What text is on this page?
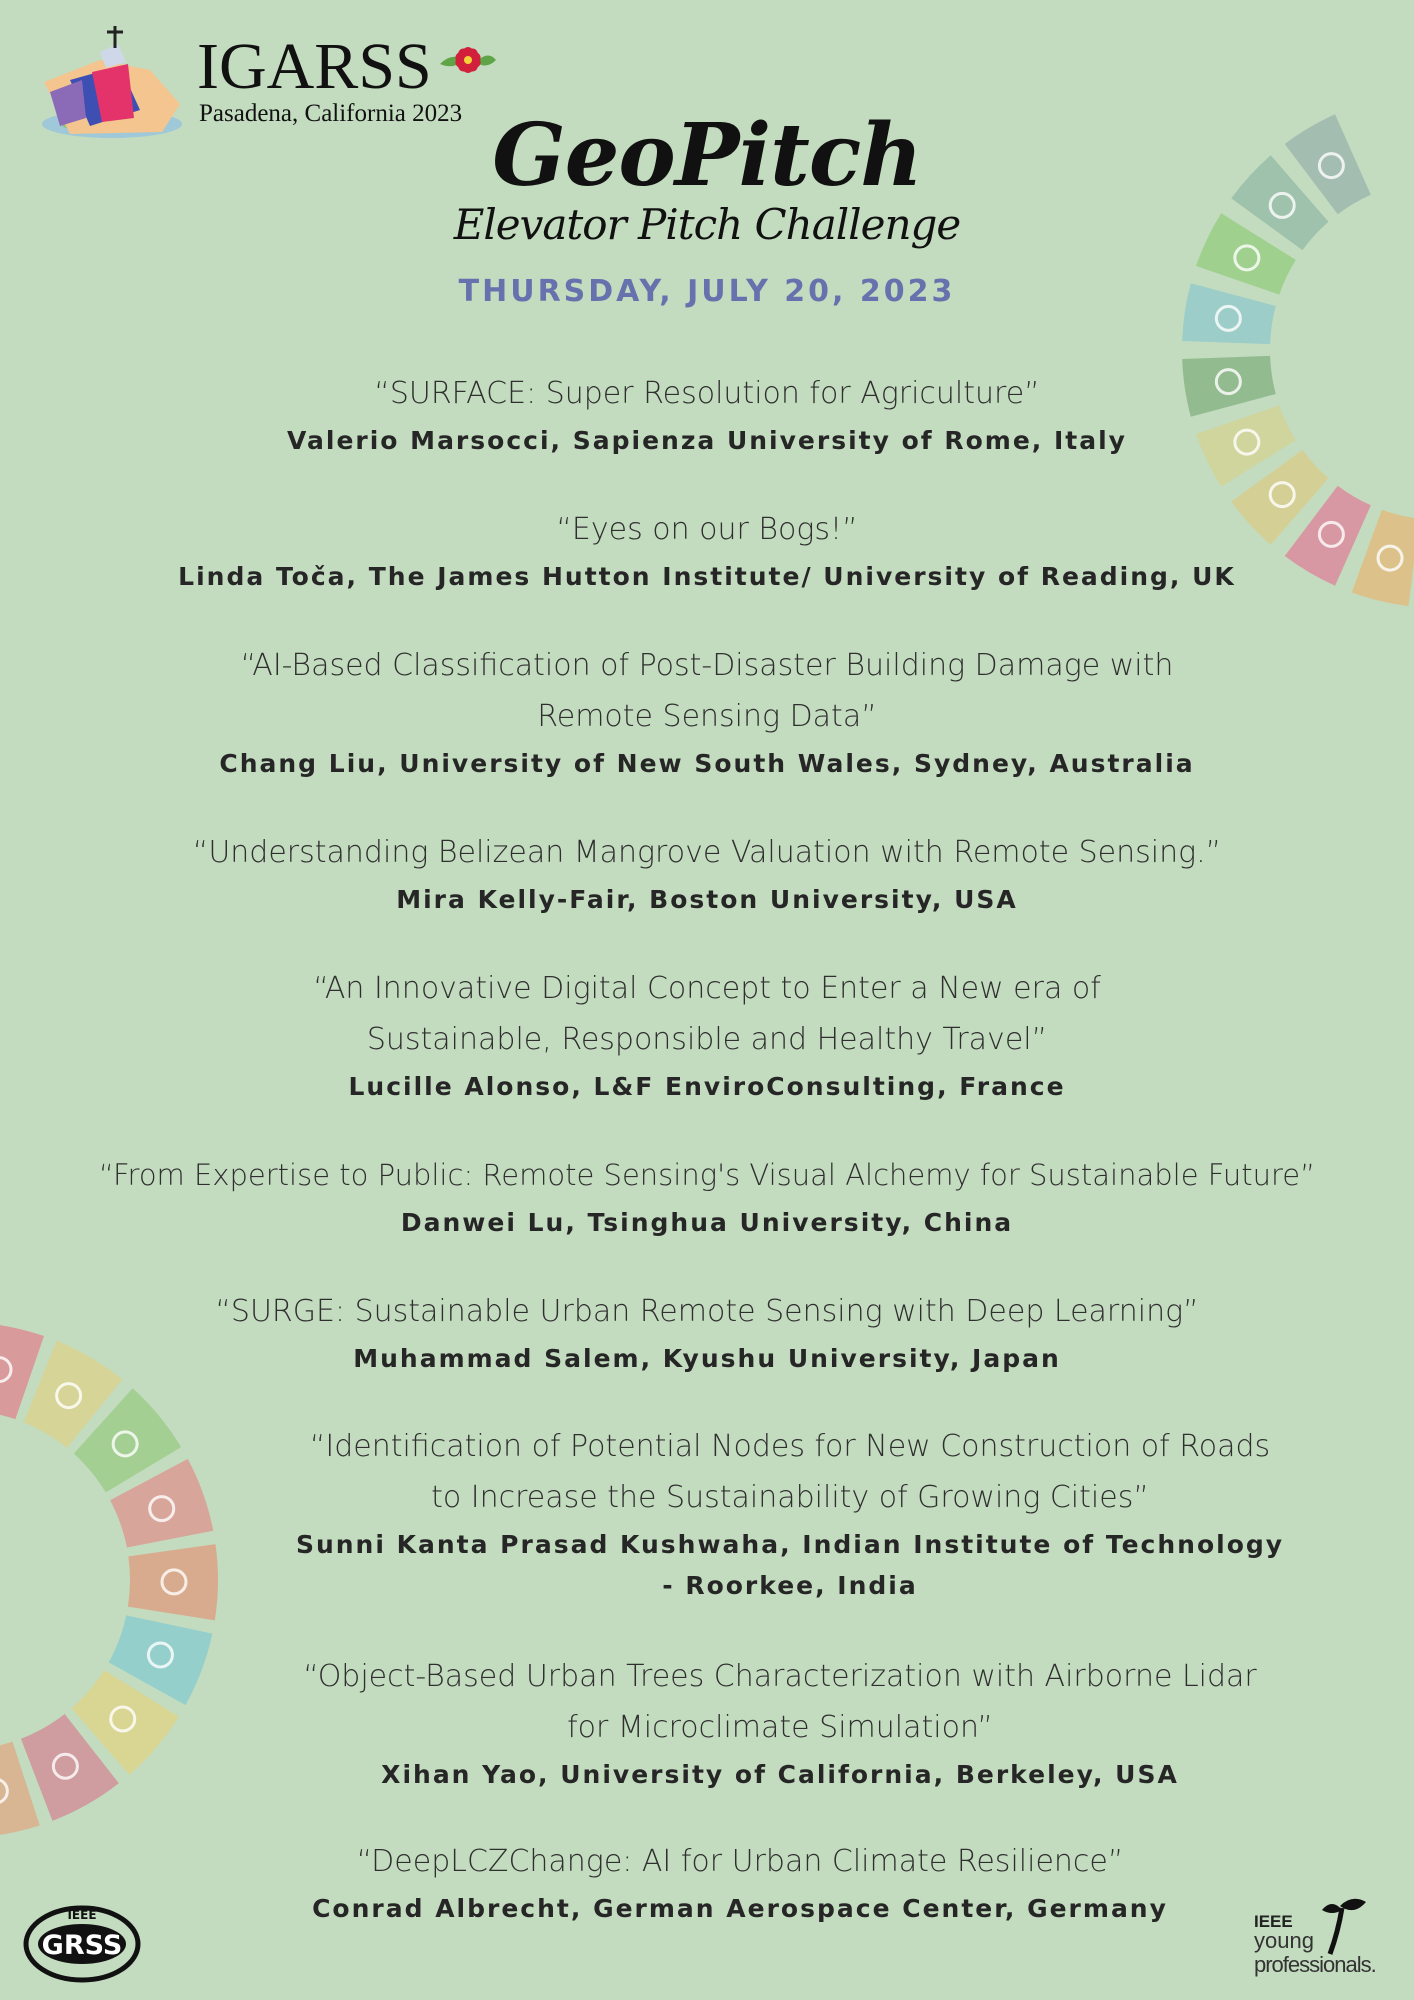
IGARSS
Pasadena, California 2023 GeoPitch
Elevator Pitch Challenge
THURSDAY, JULY 20, 2023
“SURFACE: Super Resolution for Agriculture”
Valerio Marsocci, Sapienza University of Rome, Italy
“Eyes on our Bogs!”
Linda Toča, The James Hutton Institute/ University of Reading, UK
“AI-Based Classification of Post-Disaster Building Damage with
Remote Sensing Data”
Chang Liu, University of New South Wales, Sydney, Australia
“Understanding Belizean Mangrove Valuation with Remote Sensing.”
Mira Kelly-Fair, Boston University, USA
“An Innovative Digital Concept to Enter a New era of
Sustainable, Responsible and Healthy Travel”
Lucille Alonso, L&F EnviroConsulting, France
“From Expertise to Public: Remote Sensing's Visual Alchemy for Sustainable Future”
Danwei Lu, Tsinghua University, China
“SURGE: Sustainable Urban Remote Sensing with Deep Learning”
Muhammad Salem, Kyushu University, Japan
“Identification of Potential Nodes for New Construction of Roads
to Increase the Sustainability of Growing Cities”
Sunni Kanta Prasad Kushwaha, Indian Institute of Technology
- Roorkee, India
“Object-Based Urban Trees Characterization with Airborne Lidar
for Microclimate Simulation”
Xihan Yao, University of California, Berkeley, USA
“DeepLCZChange: AI for Urban Climate Resilience”
Conrad Albrecht, German Aerospace Center, Germany
IEEE
GRSS
IEEE
young
professionals.
